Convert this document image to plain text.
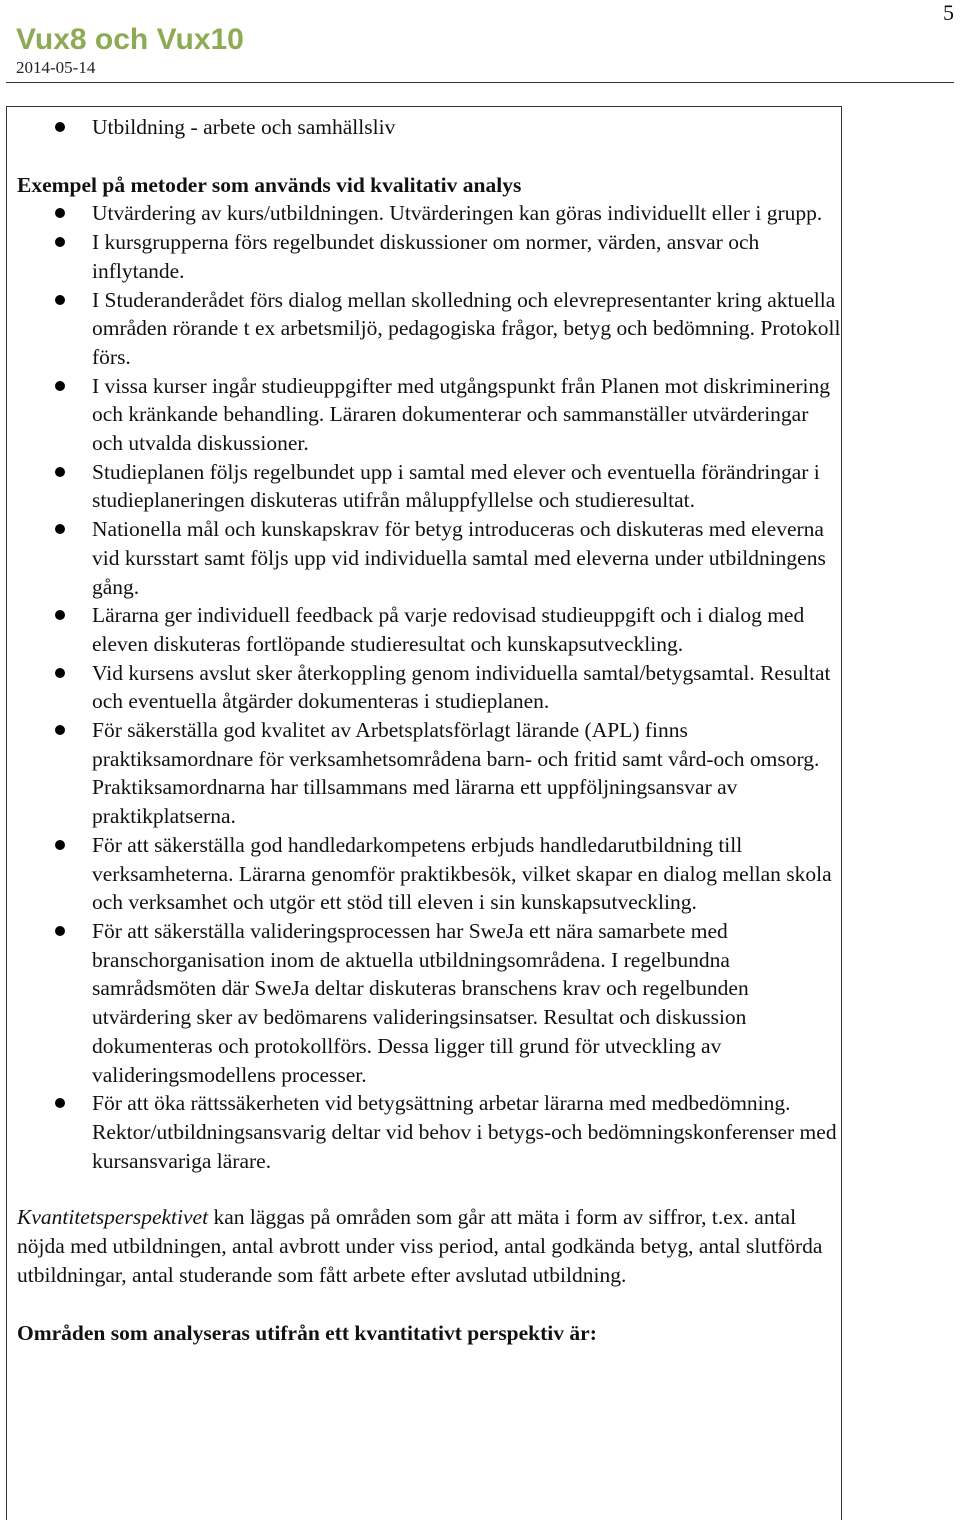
5
Vux8 och Vux10
2014-05-14
Utbildning - arbete och samhällsliv
Exempel på metoder som används vid kvalitativ analys
Utvärdering av kurs/utbildningen. Utvärderingen kan göras individuellt eller i grupp.
I kursgrupperna förs regelbundet diskussioner om normer, värden, ansvar och inflytande.
I Studeranderådet förs dialog mellan skolledning och elevrepresentanter kring aktuella områden rörande t ex arbetsmiljö, pedagogiska frågor, betyg och bedömning. Protokoll förs.
I vissa kurser ingår studieuppgifter med utgångspunkt från Planen mot diskriminering och kränkande behandling. Läraren dokumenterar och sammanställer utvärderingar och utvalda diskussioner.
Studieplanen följs regelbundet upp i samtal med elever och eventuella förändringar i studieplaneringen diskuteras utifrån måluppfyllelse och studieresultat.
Nationella mål och kunskapskrav för betyg introduceras och diskuteras med eleverna vid kursstart samt följs upp vid individuella samtal med eleverna under utbildningens gång.
Lärarna ger individuell feedback på varje redovisad studieuppgift och i dialog med eleven diskuteras fortlöpande studieresultat och kunskapsutveckling.
Vid kursens avslut sker återkoppling genom individuella samtal/betygsamtal. Resultat och eventuella åtgärder dokumenteras i studieplanen.
För säkerställa god kvalitet av Arbetsplatsförlagt lärande (APL) finns praktiksamordnare för verksamhetsområdena barn- och fritid samt vård-och omsorg. Praktiksamordnarna har tillsammans med lärarna ett uppföljningsansvar av praktikplatserna.
För att säkerställa god handledarkompetens erbjuds handledarutbildning till verksamheterna. Lärarna genomför praktikbesök, vilket skapar en dialog mellan skola och verksamhet och utgör ett stöd till eleven i sin kunskapsutveckling.
För att säkerställa valideringsprocessen har SweJa ett nära samarbete med branschorganisation inom de aktuella utbildningsområdena. I regelbundna samrådsmöten där SweJa deltar diskuteras branschens krav och regelbunden utvärdering sker av bedömarens valideringsinsatser. Resultat och diskussion dokumenteras och protokollförs. Dessa ligger till grund för utveckling av valideringsmodellens processer.
För att öka rättssäkerheten vid betygsättning arbetar lärarna med medbedömning. Rektor/utbildningsansvarig deltar vid behov i betygs-och bedömningskonferenser med kursansvariga lärare.
Kvantitetsperspektivet kan läggas på områden som går att mäta i form av siffror, t.ex. antal nöjda med utbildningen, antal avbrott under viss period, antal godkända betyg, antal slutförda utbildningar, antal studerande som fått arbete efter avslutad utbildning.
Områden som analyseras utifrån ett kvantitativt perspektiv är:
